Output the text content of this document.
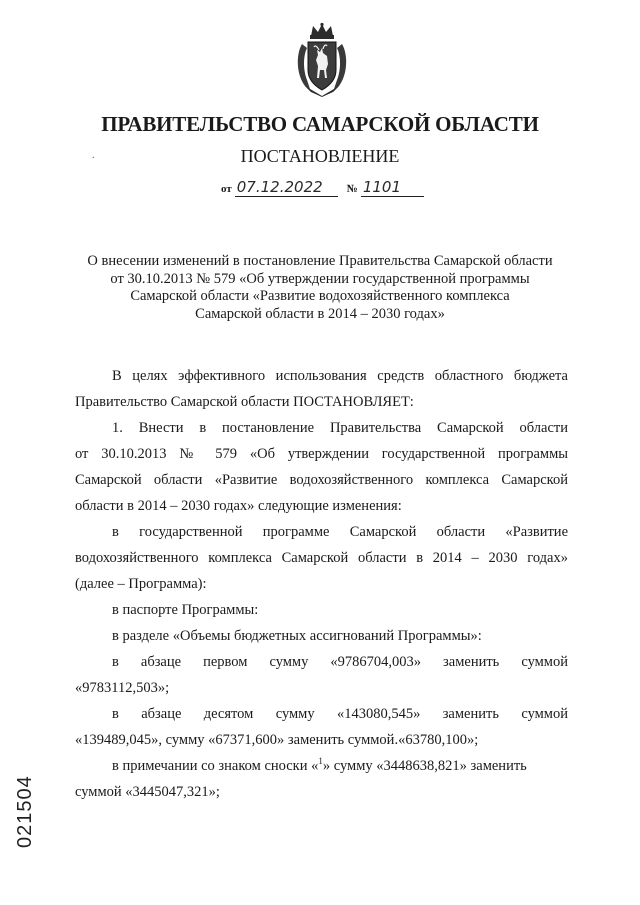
ПРАВИТЕЛЬСТВО САМАРСКОЙ ОБЛАСТИ
ПОСТАНОВЛЕНИЕ
.
от 07.12.2022 № 1101
О внесении изменений в постановление Правительства Самарской области
от 30.10.2013 № 579 «Об утверждении государственной программы
Самарской области «Развитие водохозяйственного комплекса
Самарской области в 2014 – 2030 годах»
В целях эффективного использования средств областного бюджета
Правительство Самарской области ПОСТАНОВЛЯЕТ:
1. Внести в постановление Правительства Самарской области
от 30.10.2013 № 579 «Об утверждении государственной программы
Самарской области «Развитие водохозяйственного комплекса Самарской
области в 2014 – 2030 годах» следующие изменения:
в государственной программе Самарской области «Развитие
водохозяйственного комплекса Самарской области в 2014 – 2030 годах»
(далее – Программа):
в паспорте Программы:
в разделе «Объемы бюджетных ассигнований Программы»:
в абзаце первом сумму «9786704,003» заменить суммой
«9783112,503»;
в абзаце десятом сумму «143080,545» заменить суммой
«139489,045», сумму «67371,600» заменить суммой.«63780,100»;
в примечании со знаком сноски «$^1$» сумму «3448638,821» заменить
суммой «3445047,321»;
021504
